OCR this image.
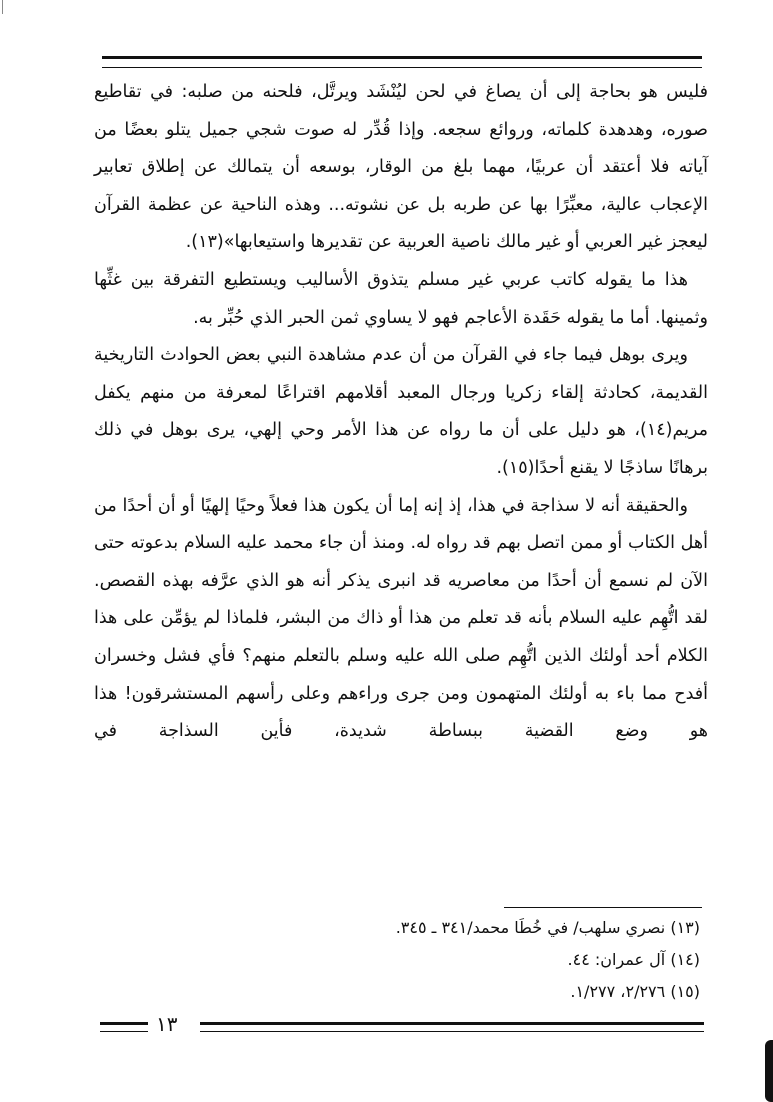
فليس هو بحاجة إلى أن يصاغ في لحن ليُنْشَد ويرتَّل، فلحنه من صلبه: في تقاطيع صوره، وهدهدة كلماته، وروائع سجعه. وإذا قُدِّر له صوت شجي جميل يتلو بعضًا من آياته فلا أعتقد أن عربيًا، مهما بلغ من الوقار، بوسعه أن يتمالك عن إطلاق تعابير الإعجاب عالية، معبِّرًا بها عن طربه بل عن نشوته... وهذه الناحية عن عظمة القرآن ليعجز غير العربي أو غير مالك ناصية العربية عن تقديرها واستيعابها»(١٣).

هذا ما يقوله كاتب عربي غير مسلم يتذوق الأساليب ويستطيع التفرقة بين غثِّها وثمينها. أما ما يقوله حَقَدة الأعاجم فهو لا يساوي ثمن الحبر الذي حُبِّر به.

ويرى بوهل فيما جاء في القرآن من أن عدم مشاهدة النبي بعض الحوادث التاريخية القديمة، كحادثة إلقاء زكريا ورجال المعبد أقلامهم اقتراعًا لمعرفة من منهم يكفل مريم(١٤)، هو دليل على أن ما رواه عن هذا الأمر وحي إلهي، يرى بوهل في ذلك برهانًا ساذجًا لا يقنع أحدًا(١٥).

والحقيقة أنه لا سذاجة في هذا، إذ إنه إما أن يكون هذا فعلاً وحيًا إلهيًا أو أن أحدًا من أهل الكتاب أو ممن اتصل بهم قد رواه له. ومنذ أن جاء محمد عليه السلام بدعوته حتى الآن لم نسمع أن أحدًا من معاصريه قد انبرى يذكر أنه هو الذي عرَّفه بهذه القصص. لقد اتُّهِم عليه السلام بأنه قد تعلم من هذا أو ذاك من البشر، فلماذا لم يؤمِّن على هذا الكلام أحد أولئك الذين اتُّهِم صلى الله عليه وسلم بالتعلم منهم؟ فأي فشل وخسران أفدح مما باء به أولئك المتهمون ومن جرى وراءهم وعلى رأسهم المستشرقون! هذا هو وضع القضية ببساطة شديدة، فأين السذاجة في

(١٣) نصري سلهب/ في خُطَا محمد/٣٤١ ـ ٣٤٥.
(١٤) آل عمران: ٤٤.
(١٥) ٢/٢٧٦، ١/٢٧٧.
١٣
